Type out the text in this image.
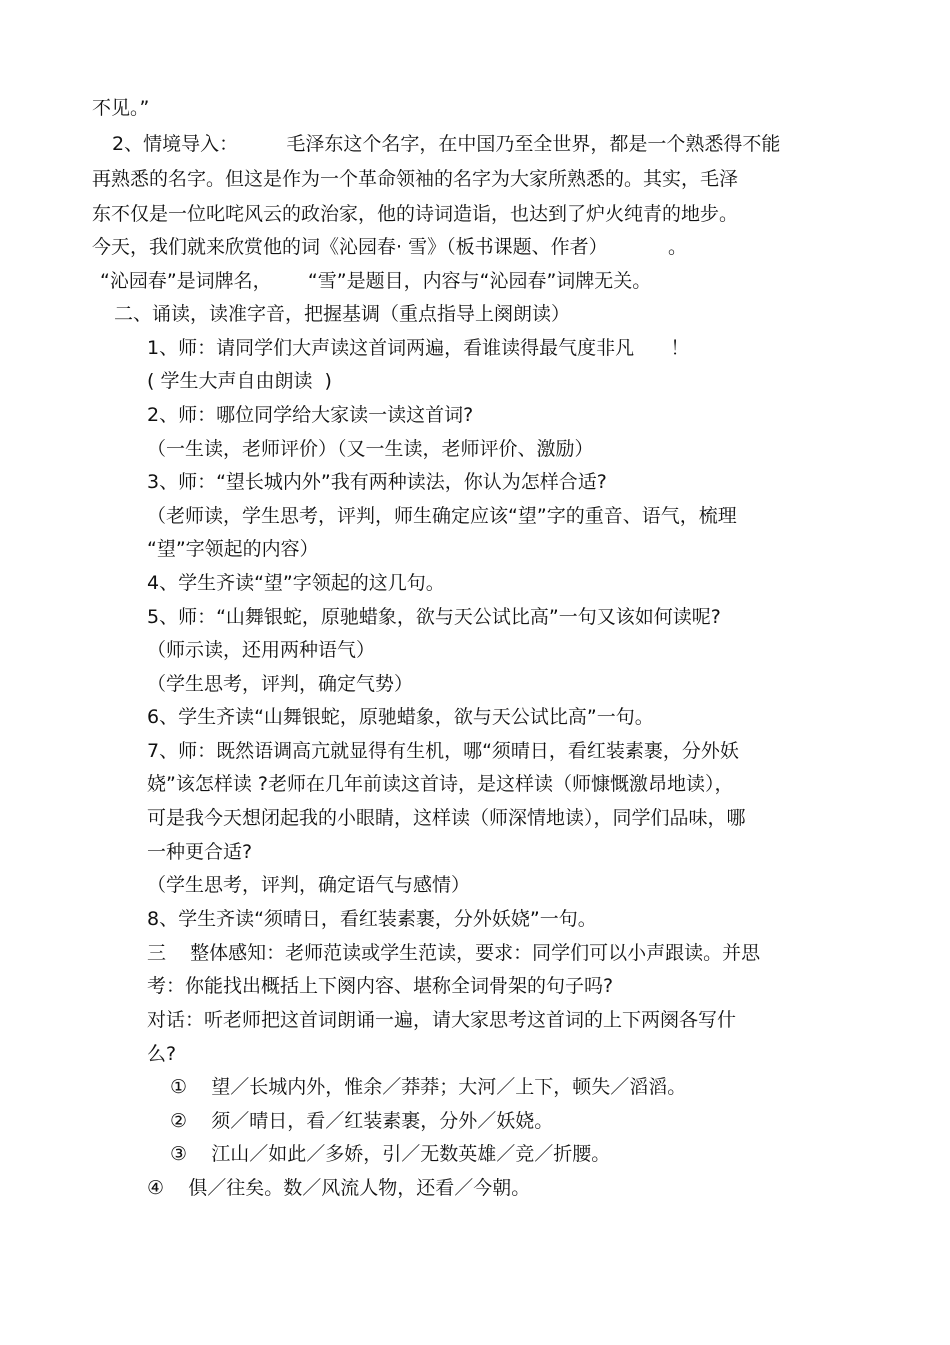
不见。”
2、情境导入：        毛泽东这个名字，在中国乃至全世界，都是一个熟悉得不能
再熟悉的名字。但这是作为一个革命领袖的名字为大家所熟悉的。其实，毛泽
东不仅是一位叱咤风云的政治家，他的诗词造诣，也达到了炉火纯青的地步。
今天，我们就来欣赏他的词《沁园春· 雪》（板书课题、作者）          。
“沁园春”是词牌名，      “雪”是题目，内容与“沁园春”词牌无关。
二、诵读，读准字音，把握基调（重点指导上阕朗读）
1、师：请同学们大声读这首词两遍，看谁读得最气度非凡      ！
( 学生大声自由朗读  )
2、师：哪位同学给大家读一读这首词?
（一生读，老师评价）（又一生读，老师评价、激励）
3、师：“望长城内外”我有两种读法，你认为怎样合适?
（老师读，学生思考，评判，师生确定应该“望”字的重音、语气，梳理
“望”字领起的内容）
4、学生齐读“望”字领起的这几句。
5、师：“山舞银蛇，原驰蜡象，欲与天公试比高”一句又该如何读呢?
（师示读，还用两种语气）
（学生思考，评判，确定气势）
6、学生齐读“山舞银蛇，原驰蜡象，欲与天公试比高”一句。
7、师：既然语调高亢就显得有生机，哪“须晴日，看红装素裹，分外妖
娆”该怎样读 ?老师在几年前读这首诗，是这样读（师慷慨激昂地读），
可是我今天想闭起我的小眼睛，这样读（师深情地读），同学们品味，哪
一种更合适?
（学生思考，评判，确定语气与感情）
8、学生齐读“须晴日，看红装素裹，分外妖娆”一句。
三    整体感知：老师范读或学生范读，要求：同学们可以小声跟读。并思
考：你能找出概括上下阕内容、堪称全词骨架的句子吗?
对话：听老师把这首词朗诵一遍，请大家思考这首词的上下两阕各写什
么?
①    望／长城内外，惟余／莽莽；大河／上下，顿失／滔滔。
②    须／晴日，看／红装素裹，分外／妖娆。
③    江山／如此／多娇，引／无数英雄／竞／折腰。
④    俱／往矣。数／风流人物，还看／今朝。
